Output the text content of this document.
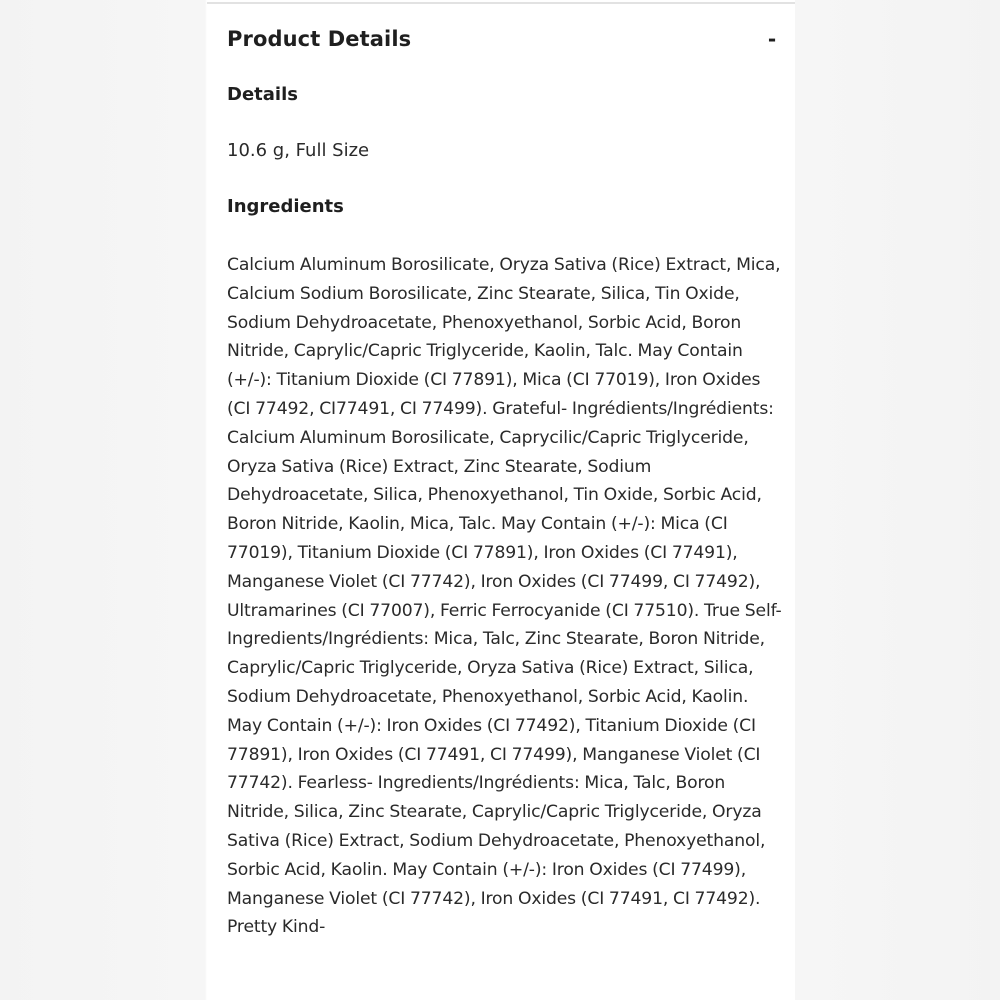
Product Details	-
Details
10.6 g, Full Size
Ingredients

Calcium Aluminum Borosilicate, Oryza Sativa (Rice) Extract, Mica, Calcium Sodium Borosilicate, Zinc Stearate, Silica, Tin Oxide, Sodium Dehydroacetate, Phenoxyethanol, Sorbic Acid, Boron Nitride, Caprylic/Capric Triglyceride, Kaolin, Talc. May Contain (+/-): Titanium Dioxide (CI 77891), Mica (CI 77019), Iron Oxides (CI 77492, CI77491, CI 77499). Grateful- Ingrédients/Ingrédients: Calcium Aluminum Borosilicate, Caprycilic/Capric Triglyceride, Oryza Sativa (Rice) Extract, Zinc Stearate, Sodium Dehydroacetate, Silica, Phenoxyethanol, Tin Oxide, Sorbic Acid, Boron Nitride, Kaolin, Mica, Talc. May Contain (+/-): Mica (CI 77019), Titanium Dioxide (CI 77891), Iron Oxides (CI 77491), Manganese Violet (CI 77742), Iron Oxides (CI 77499, CI 77492), Ultramarines (CI 77007), Ferric Ferrocyanide (CI 77510). True Self- Ingredients/Ingrédients: Mica, Talc, Zinc Stearate, Boron Nitride, Caprylic/Capric Triglyceride, Oryza Sativa (Rice) Extract, Silica, Sodium Dehydroacetate, Phenoxyethanol, Sorbic Acid, Kaolin. May Contain (+/-): Iron Oxides (CI 77492), Titanium Dioxide (CI 77891), Iron Oxides (CI 77491, CI 77499), Manganese Violet (CI 77742). Fearless- Ingredients/Ingrédients: Mica, Talc, Boron Nitride, Silica, Zinc Stearate, Caprylic/Capric Triglyceride, Oryza Sativa (Rice) Extract, Sodium Dehydroacetate, Phenoxyethanol, Sorbic Acid, Kaolin. May Contain (+/-): Iron Oxides (CI 77499), Manganese Violet (CI 77742), Iron Oxides (CI 77491, CI 77492). Pretty Kind-
